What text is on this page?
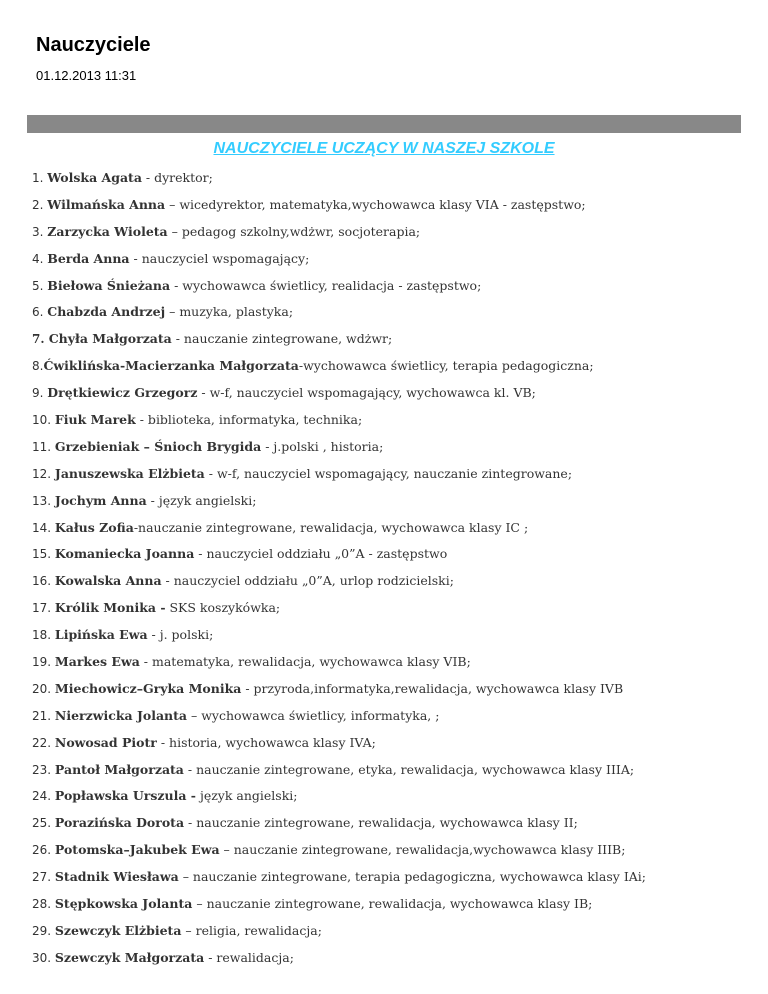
Nauczyciele
01.12.2013 11:31
NAUCZYCIELE UCZĄCY W NASZEJ SZKOLE
1. Wolska Agata - dyrektor;
2. Wilmańska Anna – wicedyrektor, matematyka,wychowawca klasy VIA - zastępstwo;
3. Zarzycka Wioleta – pedagog szkolny,wdżwr, socjoterapia;
4. Berda Anna - nauczyciel wspomagający;
5. Biełowa Śnieżana - wychowawca świetlicy, realidacja - zastępstwo;
6. Chabzda Andrzej – muzyka, plastyka;
7. Chyła Małgorzata - nauczanie zintegrowane, wdżwr;
8.Ćwiklińska-Macierzanka Małgorzata-wychowawca świetlicy, terapia pedagogiczna;
9. Drętkiewicz Grzegorz - w-f, nauczyciel wspomagający, wychowawca kl. VB;
10. Fiuk Marek - biblioteka, informatyka, technika;
11. Grzebieniak – Śnioch Brygida - j.polski , historia;
12. Januszewska Elżbieta - w-f, nauczyciel wspomagający, nauczanie zintegrowane;
13. Jochym Anna - język angielski;
14. Kałus Zofia-nauczanie zintegrowane, rewalidacja, wychowawca klasy IC ;
15. Komaniecka Joanna - nauczyciel oddziału „0”A - zastępstwo
16. Kowalska Anna - nauczyciel oddziału „0”A, urlop rodzicielski;
17. Królik Monika - SKS koszykówka;
18. Lipińska Ewa - j. polski;
19. Markes Ewa - matematyka, rewalidacja, wychowawca klasy VIB;
20. Miechowicz–Gryka Monika - przyroda,informatyka,rewalidacja, wychowawca klasy IVB
21. Nierzwicka Jolanta – wychowawca świetlicy, informatyka, ;
22. Nowosad Piotr - historia, wychowawca klasy IVA;
23. Pantoł Małgorzata - nauczanie zintegrowane, etyka, rewalidacja, wychowawca klasy IIIA;
24. Popławska Urszula - język angielski;
25. Porazińska Dorota - nauczanie zintegrowane, rewalidacja, wychowawca klasy II;
26. Potomska–Jakubek Ewa – nauczanie zintegrowane, rewalidacja,wychowawca klasy IIIB;
27. Stadnik Wiesława – nauczanie zintegrowane, terapia pedagogiczna, wychowawca klasy IAi;
28. Stępkowska Jolanta – nauczanie zintegrowane, rewalidacja, wychowawca klasy IB;
29. Szewczyk Elżbieta – religia, rewalidacja;
30. Szewczyk Małgorzata - rewalidacja;
